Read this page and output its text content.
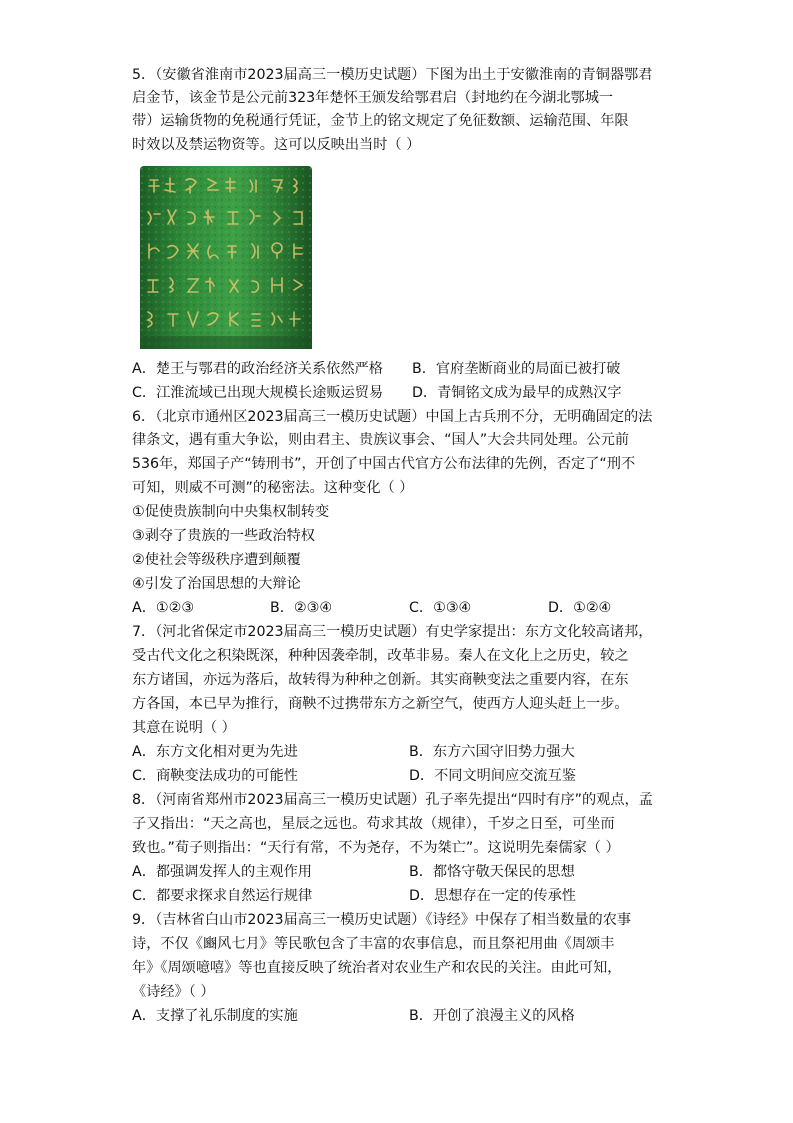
5．（安徽省淮南市2023届高三一模历史试题）下图为出土于安徽淮南的青铜器鄂君
启金节，该金节是公元前323年楚怀王颁发给鄂君启（封地约在今湖北鄂城一
带）运输货物的免税通行凭证，金节上的铭文规定了免征数额、运输范围、年限
时效以及禁运物资等。这可以反映出当时（ ）
A．楚王与鄂君的政治经济关系依然严格 B．官府垄断商业的局面已被打破
C．江淮流域已出现大规模长途贩运贸易 D．青铜铭文成为最早的成熟汉字
6．（北京市通州区2023届高三一模历史试题）中国上古兵刑不分，无明确固定的法
律条文，遇有重大争讼，则由君主、贵族议事会、“国人”大会共同处理。公元前
536年，郑国子产“铸刑书”，开创了中国古代官方公布法律的先例，否定了“刑不
可知，则威不可测”的秘密法。这种变化（ ）
①促使贵族制向中央集权制转变
③剥夺了贵族的一些政治特权
②使社会等级秩序遭到颠覆
④引发了治国思想的大辩论
A．①②③	B．②③④	C．①③④	D．①②④
7．（河北省保定市2023届高三一模历史试题）有史学家提出：东方文化较高诸邦，
受古代文化之积染既深，种种因袭牵制，改革非易。秦人在文化上之历史，较之
东方诸国，亦远为落后，故转得为种种之创新。其实商鞅变法之重要内容，在东
方各国，本已早为推行，商鞅不过携带东方之新空气，使西方人迎头赶上一步。
其意在说明（ ）
A．东方文化相对更为先进	B．东方六国守旧势力强大
C．商鞅变法成功的可能性	D．不同文明间应交流互鉴
8．（河南省郑州市2023届高三一模历史试题）孔子率先提出“四时有序”的观点，孟
子又指出：“天之高也，星辰之远也。苟求其故（规律），千岁之日至，可坐而
致也。”荀子则指出：“天行有常，不为尧存，不为桀亡”。这说明先秦儒家（ ）
A．都强调发挥人的主观作用	B．都恪守敬天保民的思想
C．都要求探求自然运行规律	D．思想存在一定的传承性
9．（吉林省白山市2023届高三一模历史试题）《诗经》中保存了相当数量的农事
诗，不仅《豳风七月》等民歌包含了丰富的农事信息，而且祭祀用曲《周颂丰
年》《周颂噫嘻》等也直接反映了统治者对农业生产和农民的关注。由此可知，
《诗经》（ ）
A．支撑了礼乐制度的实施	B．开创了浪漫主义的风格
